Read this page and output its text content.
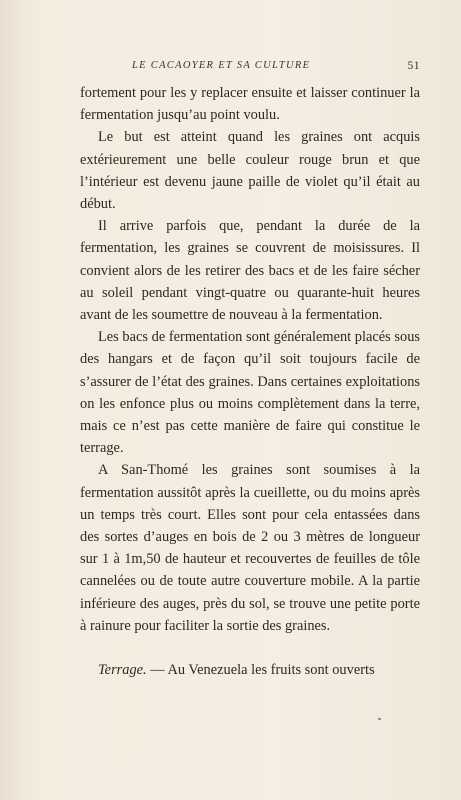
LE CACAOYER ET SA CULTURE	51

fortement pour les y replacer ensuite et laisser continuer la fermentation jusqu’au point voulu.

Le but est atteint quand les graines ont acquis extérieurement une belle couleur rouge brun et que l’intérieur est devenu jaune paille de violet qu’il était au début.

Il arrive parfois que, pendant la durée de la fermentation, les graines se couvrent de moisissures. Il convient alors de les retirer des bacs et de les faire sécher au soleil pendant vingt-quatre ou quarante-huit heures avant de les soumettre de nouveau à la fermentation.

Les bacs de fermentation sont généralement placés sous des hangars et de façon qu’il soit toujours facile de s’assurer de l’état des graines. Dans certaines exploitations on les enfonce plus ou moins complètement dans la terre, mais ce n’est pas cette manière de faire qui constitue le terrage.

A San-Thomé les graines sont soumises à la fermentation aussitôt après la cueillette, ou du moins après un temps très court. Elles sont pour cela entassées dans des sortes d’auges en bois de 2 ou 3 mètres de longueur sur 1 à 1m,50 de hauteur et recouvertes de feuilles de tôle cannelées ou de toute autre couverture mobile. A la partie inférieure des auges, près du sol, se trouve une petite porte à rainure pour faciliter la sortie des graines.

Terrage. — Au Venezuela les fruits sont ouverts
